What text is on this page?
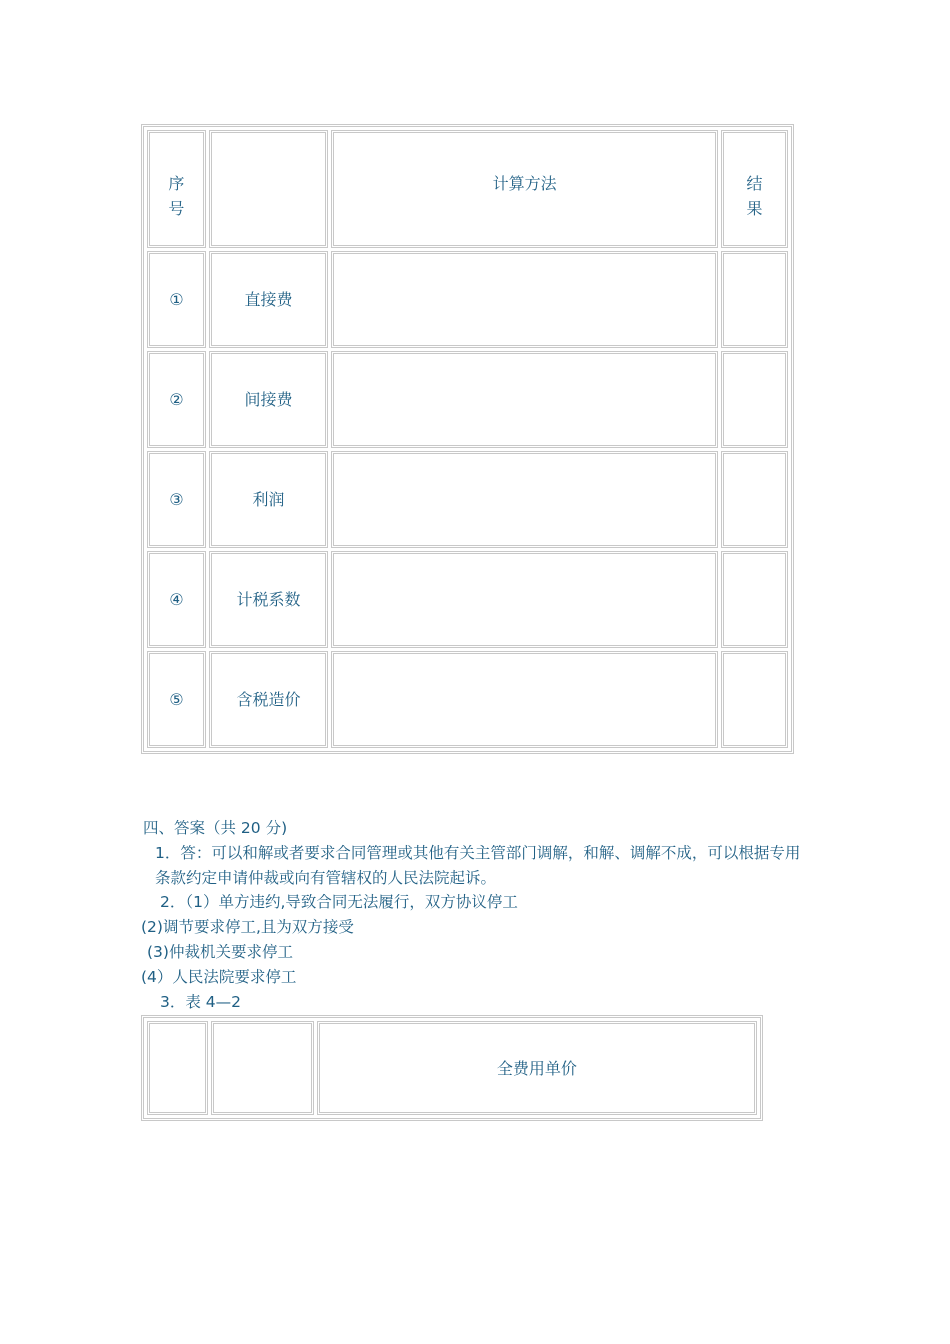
序号		计算方法	结果
①	直接费		
②	间接费		
③	利润		
④	计税系数		
⑤	含税造价		

四、答案（共 20 分)

1．答：可以和解或者要求合同管理或其他有关主管部门调解，和解、调解不成，可以根据专用条款约定申请仲裁或向有管辖权的人民法院起诉。

2．（1）单方违约,导致合同无法履行，双方协议停工

(2)调节要求停工,且为双方接受

(3)仲裁机关要求停工

(4）人民法院要求停工

3．表 4—2

		全费用单价
